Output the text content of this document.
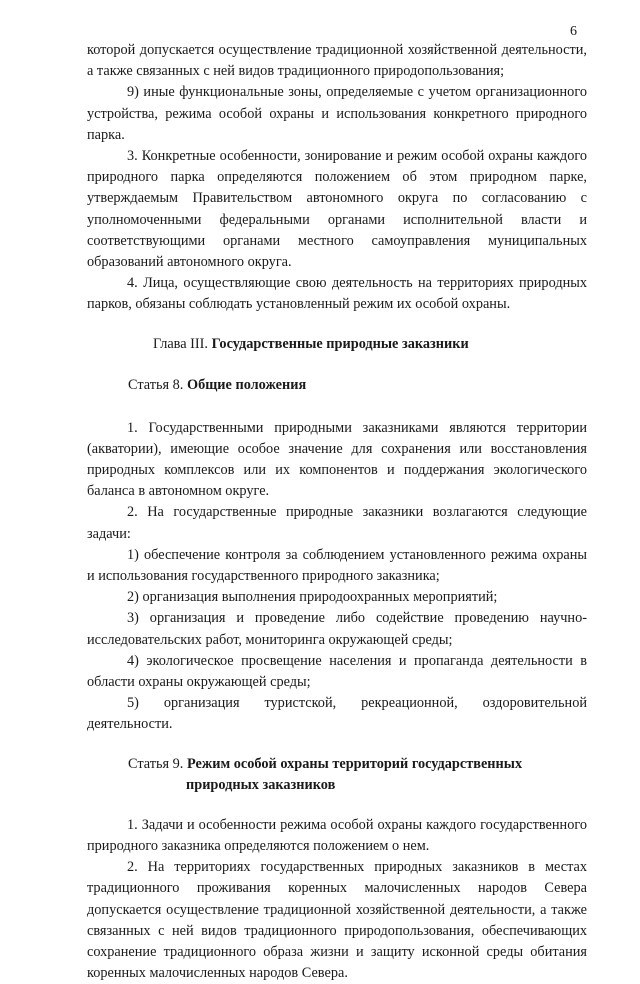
6

которой допускается осуществление традиционной хозяйственной деятельности, а также связанных с ней видов традиционного природопользования;

9) иные функциональные зоны, определяемые с учетом организационного устройства, режима особой охраны и использования конкретного природного парка.

3. Конкретные особенности, зонирование и режим особой охраны каждого природного парка определяются положением об этом природном парке, утверждаемым Правительством автономного округа по согласованию с уполномоченными федеральными органами исполнительной власти и соответствующими органами местного самоуправления муниципальных образований автономного округа.

4. Лица, осуществляющие свою деятельность на территориях природных парков, обязаны соблюдать установленный режим их особой охраны.

Глава III. Государственные природные заказники
Статья 8. Общие положения

1. Государственными природными заказниками являются территории (акватории), имеющие особое значение для сохранения или восстановления природных комплексов или их компонентов и поддержания экологического баланса в автономном округе.

2. На государственные природные заказники возлагаются следующие задачи:

1) обеспечение контроля за соблюдением установленного режима охраны и использования государственного природного заказника;

2) организация выполнения природоохранных мероприятий;

3) организация и проведение либо содействие проведению научно-исследовательских работ, мониторинга окружающей среды;

4) экологическое просвещение населения и пропаганда деятельности в области охраны окружающей среды;

5) организация туристской, рекреационной, оздоровительной деятельности.

Статья 9. Режим особой охраны территорий государственных
природных заказников

1. Задачи и особенности режима особой охраны каждого государственного природного заказника определяются положением о нем.

2. На территориях государственных природных заказников в местах традиционного проживания коренных малочисленных народов Севера допускается осуществление традиционной хозяйственной деятельности, а также связанных с ней видов традиционного природопользования, обеспечивающих сохранение традиционного образа жизни и защиту исконной среды обитания коренных малочисленных народов Севера.
